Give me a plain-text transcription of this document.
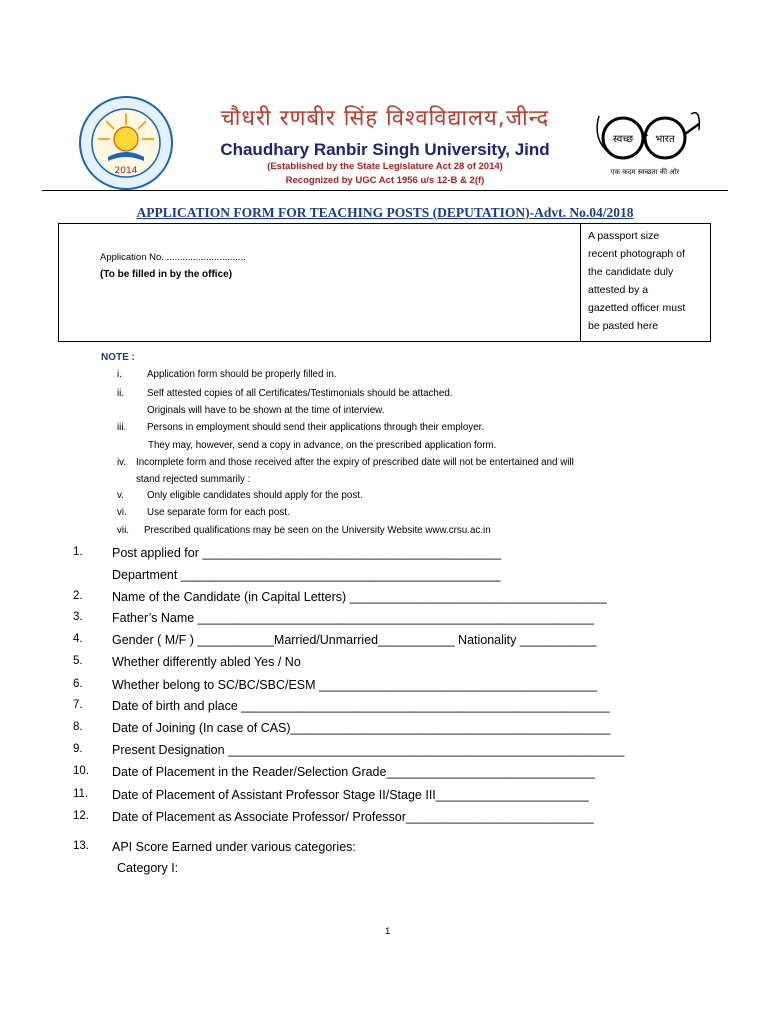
2014
चौधरी रणबीर सिंह विश्वविद्यालय,जीन्द
Chaudhary Ranbir Singh University, Jind
(Established by the State Legislature Act 28 of 2014)
Recognized by UGC Act 1956 u/s 12-B & 2(f)
स्वच्छ भारत
एक कदम स्वच्छता की ओर
APPLICATION FORM FOR TEACHING POSTS (DEPUTATION)-Advt. No.04/2018
Application No. ..............................
(To be filled in by the office)
A passport size
recent photograph of
the candidate duly
attested by a
gazetted officer must
be pasted here
NOTE :
i.	Application form should be properly filled in.
ii. Self attested copies of all Certificates/Testimonials should be attached.
Originals will have to be shown at the time of interview.
iii. Persons in employment should send their applications through their employer.
They may, however, send a copy in advance, on the prescribed application form.
iv. Incomplete form and those received after the expiry of prescribed date will not be entertained and will
stand rejected summarily :
v. Only eligible candidates should apply for the post.
vi. Use separate form for each post.
vii. Prescribed qualifications may be seen on the University Website www.crsu.ac.in
1. Post applied for ___________________________________________
Department ______________________________________________
2. Name of the Candidate (in Capital Letters) _____________________________________
3. Father’s Name _________________________________________________________
4. Gender ( M/F ) ___________Married/Unmarried___________ Nationality ___________
5. Whether differently abled Yes / No
6. Whether belong to SC/BC/SBC/ESM ________________________________________
7. Date of birth and place _____________________________________________________
8. Date of Joining (In case of CAS)______________________________________________
9. Present Designation _________________________________________________________
10. Date of Placement in the Reader/Selection Grade______________________________
11. Date of Placement of Assistant Professor Stage II/Stage III______________________
12. Date of Placement as Associate Professor/ Professor___________________________
13. API Score Earned under various categories:
Category I:
1
